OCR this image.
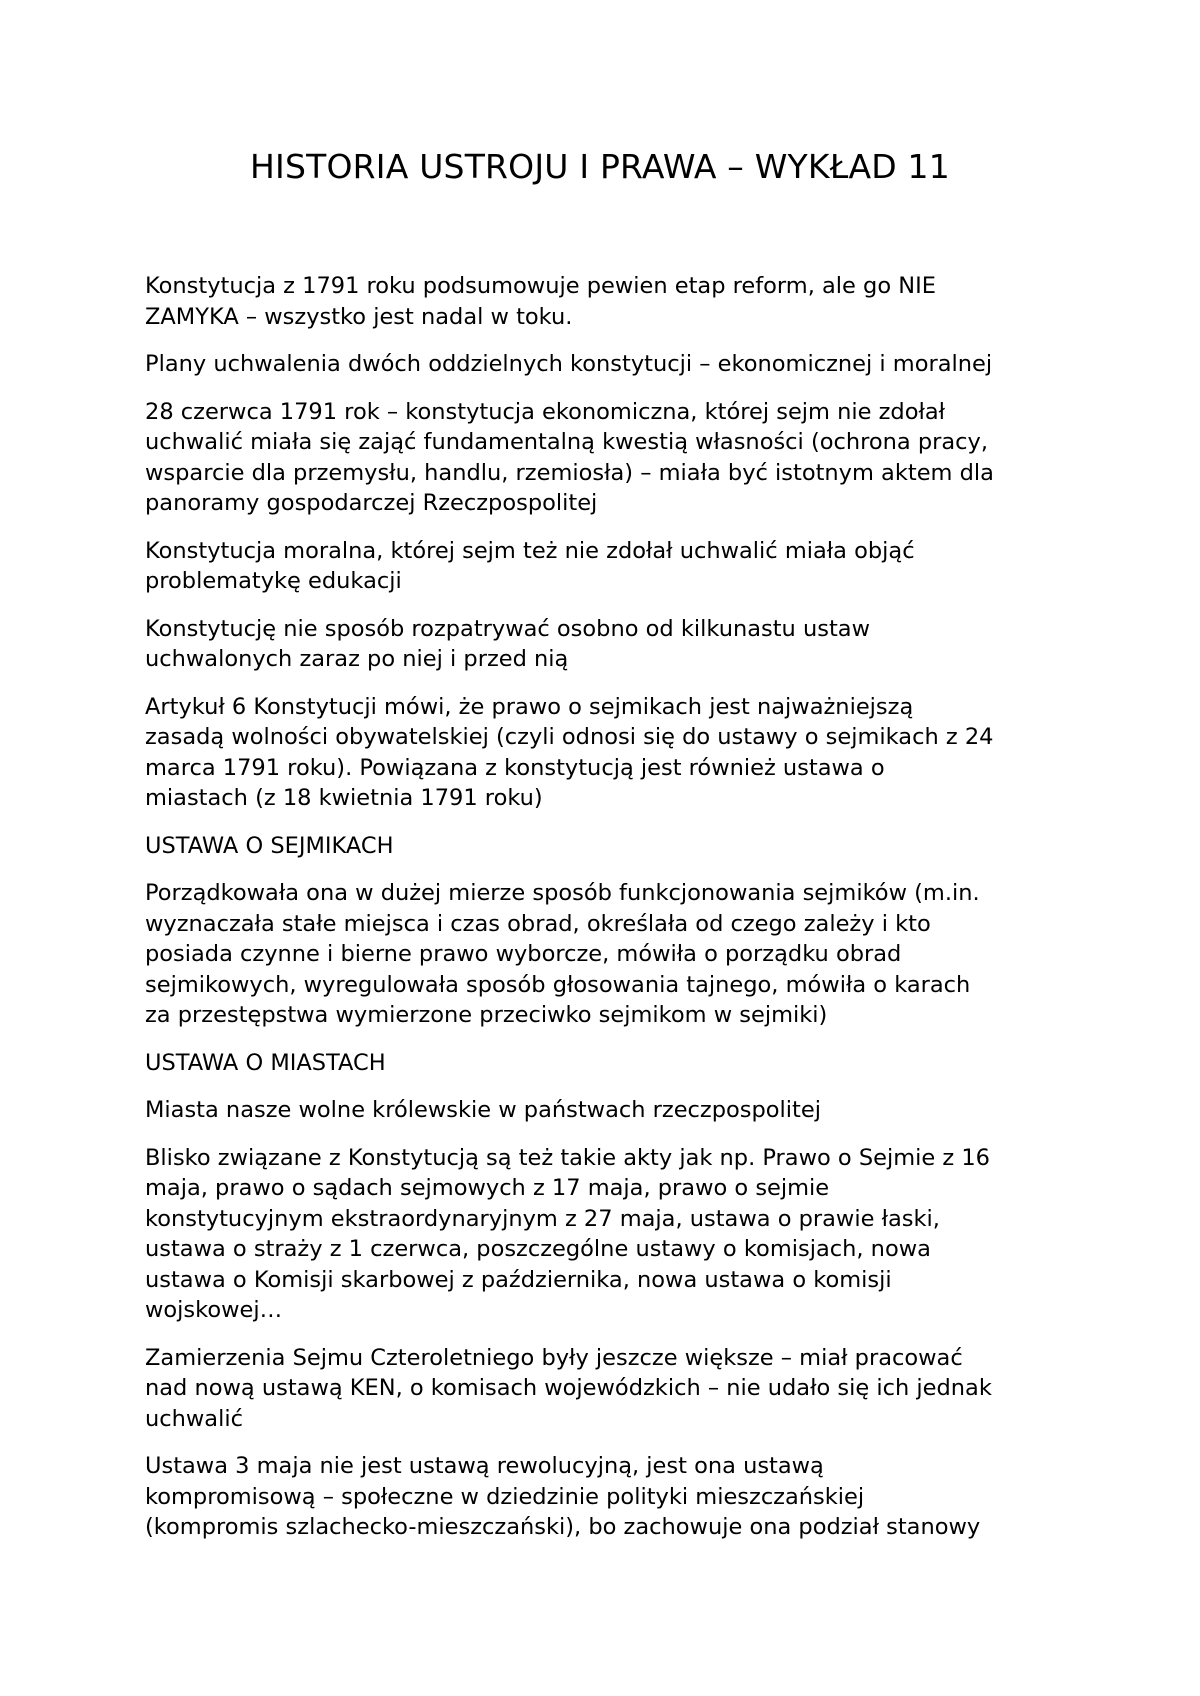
HISTORIA USTROJU I PRAWA – WYKŁAD 11

Konstytucja z 1791 roku podsumowuje pewien etap reform, ale go NIE
ZAMYKA – wszystko jest nadal w toku.

Plany uchwalenia dwóch oddzielnych konstytucji – ekonomicznej i moralnej

28 czerwca 1791 rok – konstytucja ekonomiczna, której sejm nie zdołał
uchwalić miała się zająć fundamentalną kwestią własności (ochrona pracy,
wsparcie dla przemysłu, handlu, rzemiosła) – miała być istotnym aktem dla
panoramy gospodarczej Rzeczpospolitej

Konstytucja moralna, której sejm też nie zdołał uchwalić miała objąć
problematykę edukacji

Konstytucję nie sposób rozpatrywać osobno od kilkunastu ustaw
uchwalonych zaraz po niej i przed nią

Artykuł 6 Konstytucji mówi, że prawo o sejmikach jest najważniejszą
zasadą wolności obywatelskiej (czyli odnosi się do ustawy o sejmikach z 24
marca 1791 roku). Powiązana z konstytucją jest również ustawa o
miastach (z 18 kwietnia 1791 roku)

USTAWA O SEJMIKACH

Porządkowała ona w dużej mierze sposób funkcjonowania sejmików (m.in.
wyznaczała stałe miejsca i czas obrad, określała od czego zależy i kto
posiada czynne i bierne prawo wyborcze, mówiła o porządku obrad
sejmikowych, wyregulowała sposób głosowania tajnego, mówiła o karach
za przestępstwa wymierzone przeciwko sejmikom w sejmiki)

USTAWA O MIASTACH

Miasta nasze wolne królewskie w państwach rzeczpospolitej

Blisko związane z Konstytucją są też takie akty jak np. Prawo o Sejmie z 16
maja, prawo o sądach sejmowych z 17 maja, prawo o sejmie
konstytucyjnym ekstraordynaryjnym z 27 maja, ustawa o prawie łaski,
ustawa o straży z 1 czerwca, poszczególne ustawy o komisjach, nowa
ustawa o Komisji skarbowej z października, nowa ustawa o komisji
wojskowej…

Zamierzenia Sejmu Czteroletniego były jeszcze większe – miał pracować
nad nową ustawą KEN, o komisach wojewódzkich – nie udało się ich jednak
uchwalić

Ustawa 3 maja nie jest ustawą rewolucyjną, jest ona ustawą
kompromisową – społeczne w dziedzinie polityki mieszczańskiej
(kompromis szlachecko-mieszczański), bo zachowuje ona podział stanowy
